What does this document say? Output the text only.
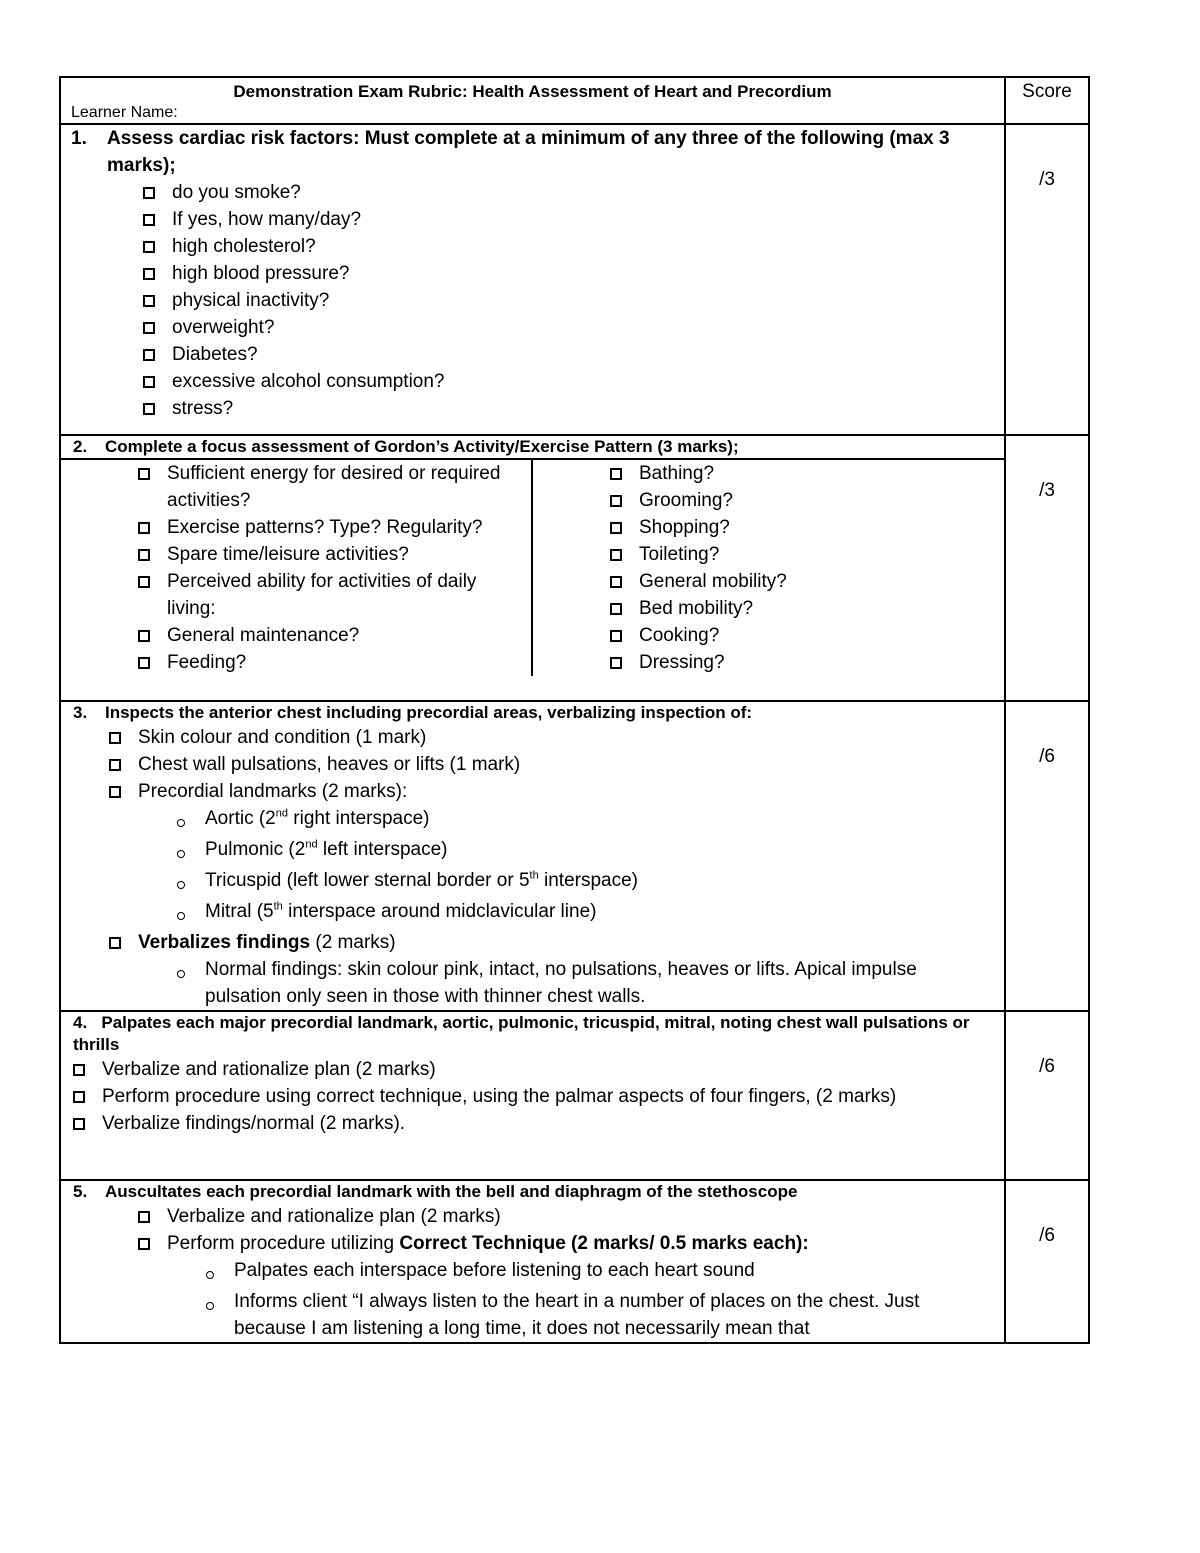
Demonstration Exam Rubric: Health Assessment of Heart and Precordium
Learner Name:

Score

1.	Assess cardiac risk factors: Must complete at a minimum of any three of the following (max 3 marks);
do you smoke?
If yes, how many/day?
high cholesterol?
high blood pressure?
physical inactivity?
overweight?
Diabetes?
excessive alcohol consumption?
stress?

/3

2.	Complete a focus assessment of Gordon’s Activity/Exercise Pattern (3 marks);
Sufficient energy for desired or required activities?
Exercise patterns? Type? Regularity?
Spare time/leisure activities?
Perceived ability for activities of daily living:
General maintenance?
Feeding?

Bathing?
Grooming?
Shopping?
Toileting?
General mobility?
Bed mobility?
Cooking?
Dressing?

/3

3.	Inspects the anterior chest including precordial areas, verbalizing inspection of:
Skin colour and condition (1 mark)
Chest wall pulsations, heaves or lifts (1 mark)
Precordial landmarks (2 marks):
Aortic (2nd right interspace)
Pulmonic (2nd left interspace)
Tricuspid (left lower sternal border or 5th interspace)
Mitral (5th interspace around midclavicular line)
Verbalizes findings (2 marks)
Normal findings: skin colour pink, intact, no pulsations, heaves or lifts. Apical impulse pulsation only seen in those with thinner chest walls.

/6

4. Palpates each major precordial landmark, aortic, pulmonic, tricuspid, mitral, noting chest wall pulsations or thrills
Verbalize and rationalize plan (2 marks)
Perform procedure using correct technique, using the palmar aspects of four fingers, (2 marks)
Verbalize findings/normal (2 marks).

/6

5.	Auscultates each precordial landmark with the bell and diaphragm of the stethoscope
Verbalize and rationalize plan (2 marks)
Perform procedure utilizing Correct Technique (2 marks/ 0.5 marks each):
Palpates each interspace before listening to each heart sound
Informs client “I always listen to the heart in a number of places on the chest. Just because I am listening a long time, it does not necessarily mean that

/6
